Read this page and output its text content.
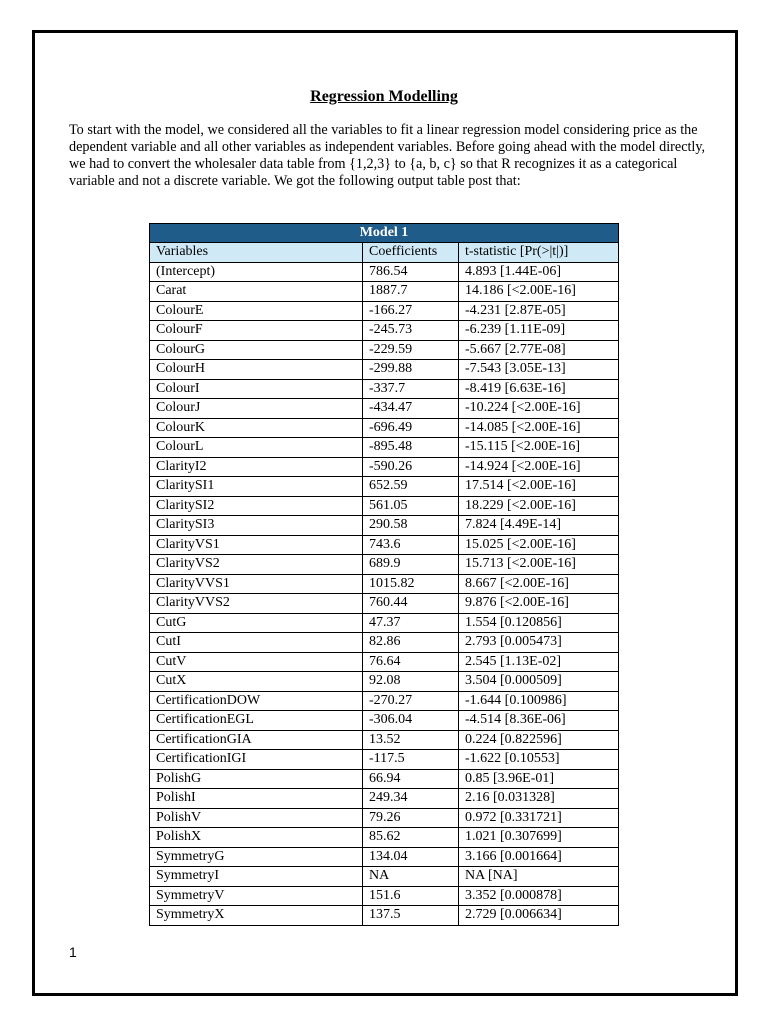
Regression Modelling
To start with the model, we considered all the variables to fit a linear regression model considering price as the dependent variable and all other variables as independent variables. Before going ahead with the model directly, we had to convert the wholesaler data table from {1,2,3} to {a, b, c} so that R recognizes it as a categorical variable and not a discrete variable. We got the following output table post that:
Model 1		
Variables	Coefficients	t-statistic [Pr(>|t|)]
(Intercept)	786.54	4.893 [1.44E-06]
Carat	1887.7	14.186 [<2.00E-16]
ColourE	-166.27	-4.231 [2.87E-05]
ColourF	-245.73	-6.239 [1.11E-09]
ColourG	-229.59	-5.667 [2.77E-08]
ColourH	-299.88	-7.543 [3.05E-13]
ColourI	-337.7	-8.419 [6.63E-16]
ColourJ	-434.47	-10.224 [<2.00E-16]
ColourK	-696.49	-14.085 [<2.00E-16]
ColourL	-895.48	-15.115 [<2.00E-16]
ClarityI2	-590.26	-14.924 [<2.00E-16]
ClaritySI1	652.59	17.514 [<2.00E-16]
ClaritySI2	561.05	18.229 [<2.00E-16]
ClaritySI3	290.58	7.824 [4.49E-14]
ClarityVS1	743.6	15.025 [<2.00E-16]
ClarityVS2	689.9	15.713 [<2.00E-16]
ClarityVVS1	1015.82	8.667 [<2.00E-16]
ClarityVVS2	760.44	9.876 [<2.00E-16]
CutG	47.37	1.554 [0.120856]
CutI	82.86	2.793 [0.005473]
CutV	76.64	2.545 [1.13E-02]
CutX	92.08	3.504 [0.000509]
CertificationDOW	-270.27	-1.644 [0.100986]
CertificationEGL	-306.04	-4.514 [8.36E-06]
CertificationGIA	13.52	0.224 [0.822596]
CertificationIGI	-117.5	-1.622 [0.10553]
PolishG	66.94	0.85 [3.96E-01]
PolishI	249.34	2.16 [0.031328]
PolishV	79.26	0.972 [0.331721]
PolishX	85.62	1.021 [0.307699]
SymmetryG	134.04	3.166 [0.001664]
SymmetryI	NA	NA [NA]
SymmetryV	151.6	3.352 [0.000878]
SymmetryX	137.5	2.729 [0.006634]
1
